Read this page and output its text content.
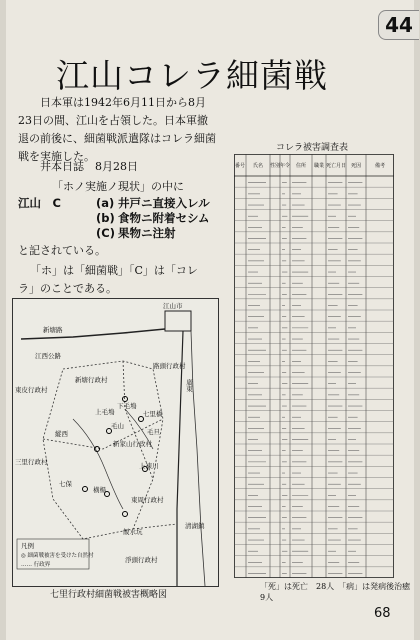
44
江山コレラ細菌戦
日本軍は1942年6月11日から8月23日の間、江山を占領した。日本軍撤退の前後に、細菌戦派遣隊はコレラ細菌戦を実施した。
井本日誌　8月28日
「ホノ実施ノ現状」の中に
江山　C	(a) 井戸ニ直接入レル
(b) 食物ニ附着セシム
(C) 果物ニ注射
と記されている。
「ホ」は「細菌戦」「C」は「コレラ」のことである。
江山市
新塘路
江西公路
東皮行政村
新塘行政村
路頭行政村
廣東
上毛塢
下毛塢
七里橋
毛山
縱西
新家山行政村
毛旦
七保
上凍川
橫楊
飯水坑
三里行政村
東周行政村
清湖鎮
淨頭行政村
凡例
◎ 細菌戦被害を受けた自然村
…… 行政界
七里行政村細菌戦被害概略図
コレラ被害調査表
番号 氏名 性別 年令 住所 職業 死亡月日 死因	備考
「死」は死亡　28人　「病」は発病後治癒　9人
68
